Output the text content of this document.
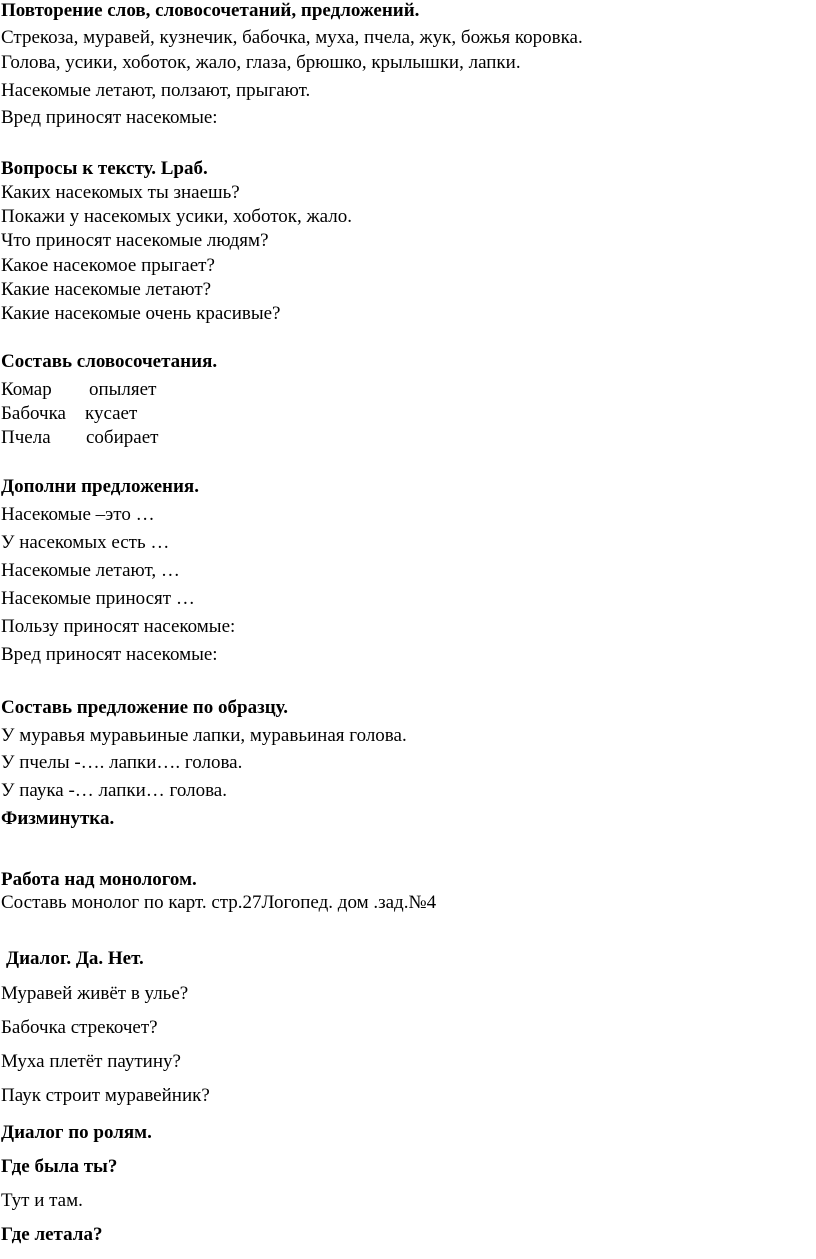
Повторение слов, словосочетаний, предложений.
Стрекоза, муравей, кузнечик, бабочка, муха, пчела, жук, божья коровка.
Голова, усики, хоботок, жало, глаза, брюшко, крылышки, лапки.
Насекомые летают, ползают, прыгают.
Вред приносят насекомые:
Вопросы к тексту. Lраб.
Каких насекомых ты знаешь?
Покажи у насекомых усики, хоботок, жало.
Что приносят насекомые людям?
Какое насекомое прыгает?
Какие насекомые летают?
Какие насекомые очень красивые?
Составь словосочетания.
Комар опыляет
Бабочка кусает
Пчела собирает
Дополни предложения.
Насекомые –это …
У насекомых есть …
Насекомые летают, …
Насекомые приносят …
Пользу приносят насекомые:
Вред приносят насекомые:
Составь предложение по образцу.
У муравья муравьиные лапки, муравьиная голова.
У пчелы -…. лапки…. голова.
У паука -… лапки… голова.
Физминутка.
Работа над монологом.
Составь монолог по карт. стр.27Логопед. дом .зад.№4
Диалог. Да. Нет.
Муравей живёт в улье?
Бабочка стрекочет?
Муха плетёт паутину?
Паук строит муравейник?
Диалог по ролям.
Где была ты?
Тут и там.
Где летала?
